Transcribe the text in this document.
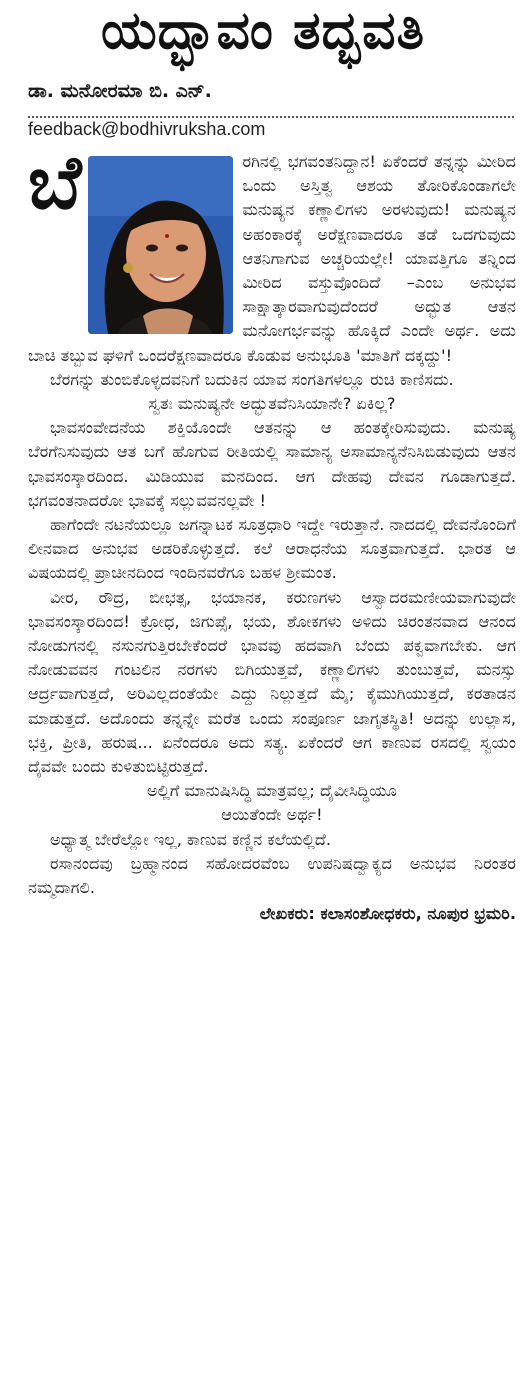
ಯದ್ಭಾವಂ ತದ್ಭವತಿ
ಡಾ. ಮನೋರಮಾ ಬಿ. ಎನ್.
feedback@bodhivruksha.com

ಬೆ	ರಗಿನಲ್ಲಿ ಭಗವಂತನಿದ್ದಾನ! ಏಕೆಂದರೆ ತನ್ನನ್ನು ಮೀರಿದ ಒಂದು ಅಸ್ತಿತ್ವ ಆಶಯ ತೋರಿಕೊಂಡಾಗಲೇ ಮನುಷ್ಯನ ಕಣ್ಣಾಲಿಗಳು ಅರಳುವುದು! ಮನುಷ್ಯನ ಅಹಂಕಾರಕ್ಕೆ ಅರೆಕ್ಷಣವಾದರೂ ತಡೆ ಒದಗುವುದು ಆತನಿಗಾಗುವ ಅಚ್ಚರಿಯಲ್ಲೇ! ಯಾವತ್ತಿಗೂ ತನ್ನಿಂದ ಮೀರಿದ ವಸ್ತುವೊಂದಿದೆ –ಎಂಬ ಅನುಭವ ಸಾಕ್ಷಾತ್ಕಾರವಾಗುವುದೆಂದರೆ ಅದ್ಭುತ ಆತನ ಮನೋಗರ್ಭವನ್ನು ಹೊಕ್ಕಿದೆ ಎಂದೇ ಅರ್ಥ. ಅದು ಬಾಚಿ ತಬ್ಬುವ ಘಳಿಗೆ ಒಂದರೆಕ್ಷಣವಾದರೂ ಕೊಡುವ ಅನುಭೂತಿ 'ಮಾತಿಗೆ ದಕ್ಕದ್ದು'!

ಬೆರಗನ್ನು ತುಂಬಿಕೊಳ್ಳದವನಿಗೆ ಬದುಕಿನ ಯಾವ ಸಂಗತಿಗಳಲ್ಲೂ ರುಚಿ ಕಾಣಿಸದು.

ಸ್ವತಃ ಮನುಷ್ಯನೇ ಅದ್ಭುತವೆನಿಸಿಯಾನೇ? ಏಕಿಲ್ಲ?

ಭಾವಸಂವೇದನೆಯ ಶಕ್ತಿಯೊಂದೇ ಆತನನ್ನು ಆ ಹಂತಕ್ಕೇರಿಸುವುದು. ಮನುಷ್ಯ ಬೆರಗೆನಿಸುವುದು ಆತ ಬಗೆ ಹೊಗುವ ರೀತಿಯಲ್ಲಿ ಸಾಮಾನ್ಯ ಅಸಾಮಾನ್ಯನೆನಿಸಿಬಿಡುವುದು ಆತನ ಭಾವಸಂಸ್ಕಾರದಿಂದ. ಮಿಡಿಯುವ ಮನದಿಂದ. ಆಗ ದೇಹವು ದೇವನ ಗೂಡಾಗುತ್ತದೆ. ಭಗವಂತನಾದರೋ ಭಾವಕ್ಕೆ ಸಲ್ಲುವವನಲ್ಲವೇ !

ಹಾಗೆಂದೇ ನಟನೆಯಲ್ಲೂ ಜಗನ್ನಾಟಕ ಸೂತ್ರಧಾರಿ ಇದ್ದೇ ಇರುತ್ತಾನೆ. ನಾದದಲ್ಲಿ ದೇವನೊಂದಿಗೆ ಲೀನವಾದ ಅನುಭವ ಅಡರಿಕೊಳ್ಳುತ್ತದೆ. ಕಲೆ ಆರಾಧನೆಯ ಸೂತ್ರವಾಗುತ್ತದೆ. ಭಾರತ ಆ ವಿಷಯದಲ್ಲಿ ಪ್ರಾಚೀನದಿಂದ ಇಂದಿನವರೆಗೂ ಬಹಳ ಶ್ರೀಮಂತ.

ವೀರ, ರೌದ್ರ, ಬೀಭತ್ಸ, ಭಯಾನಕ, ಕರುಣಗಳು ಆಸ್ವಾದರಮಣೀಯವಾಗುವುದೇ ಭಾವಸಂಸ್ಕಾರದಿಂದ! ಕ್ರೋಧ, ಜಿಗುಪ್ಸೆ, ಭಯ, ಶೋಕಗಳು ಅಳಿದು ಚಿರಂತನವಾದ ಆನಂದ ನೋಡುಗನಲ್ಲಿ ನಸುನಗುತ್ತಿರಬೇಕೆಂದರೆ ಭಾವವು ಹದವಾಗಿ ಬೆಂದು ಪಕ್ವವಾಗಬೇಕು. ಆಗ ನೋಡುವವನ ಗಂಟಲಿನ ನರಗಳು ಬಿಗಿಯುತ್ತವೆ, ಕಣ್ಣಾಲಿಗಳು ತುಂಬುತ್ತವೆ, ಮನಸ್ಸು ಆರ್ದ್ರವಾಗುತ್ತದೆ, ಅರಿವಿಲ್ಲದಂತೆಯೇ ಎದ್ದು ನಿಲ್ಲುತ್ತದೆ ಮೈ; ಕೈಮುಗಿಯುತ್ತದೆ, ಕರತಾಡನ ಮಾಡುತ್ತದೆ. ಅದೊಂದು ತನ್ನನ್ನೇ ಮರೆತ ಒಂದು ಸಂಪೂರ್ಣ ಜಾಗೃತಸ್ಥಿತಿ! ಅದನ್ನು ಉಲ್ಲಾಸ, ಭಕ್ತಿ, ಪ್ರೀತಿ, ಹರುಷ... ಏನೆಂದರೂ ಅದು ಸತ್ಯ. ಏಕೆಂದರೆ ಆಗ ಕಾಣುವ ರಸದಲ್ಲಿ ಸ್ವಯಂ ದೈವವೇ ಬಂದು ಕುಳಿತುಬಿಟ್ಟಿರುತ್ತದೆ.

ಅಲ್ಲಿಗೆ ಮಾನುಷಿಸಿದ್ಧಿ ಮಾತ್ರವಲ್ಲ; ದೈವೀಸಿದ್ಧಿಯೂ

ಆಯಿತೆಂದೇ ಅರ್ಥ!

ಅಧ್ಯಾತ್ಮ ಬೇರೆಲ್ಲೋ ಇಲ್ಲ, ಕಾಣುವ ಕಣ್ಣಿನ ಕಲೆಯಲ್ಲಿದೆ.

ರಸಾನಂದವು ಬ್ರಹ್ಮಾನಂದ ಸಹೋದರವೆಂಬ ಉಪನಿಷದ್ವಾಕ್ಯದ ಅನುಭವ ನಿರಂತರ ನಮ್ಮದಾಗಲಿ.

ಲೇಖಕರು: ಕಲಾಸಂಶೋಧಕರು, ನೂಪುರ ಭ್ರಮರಿ.
